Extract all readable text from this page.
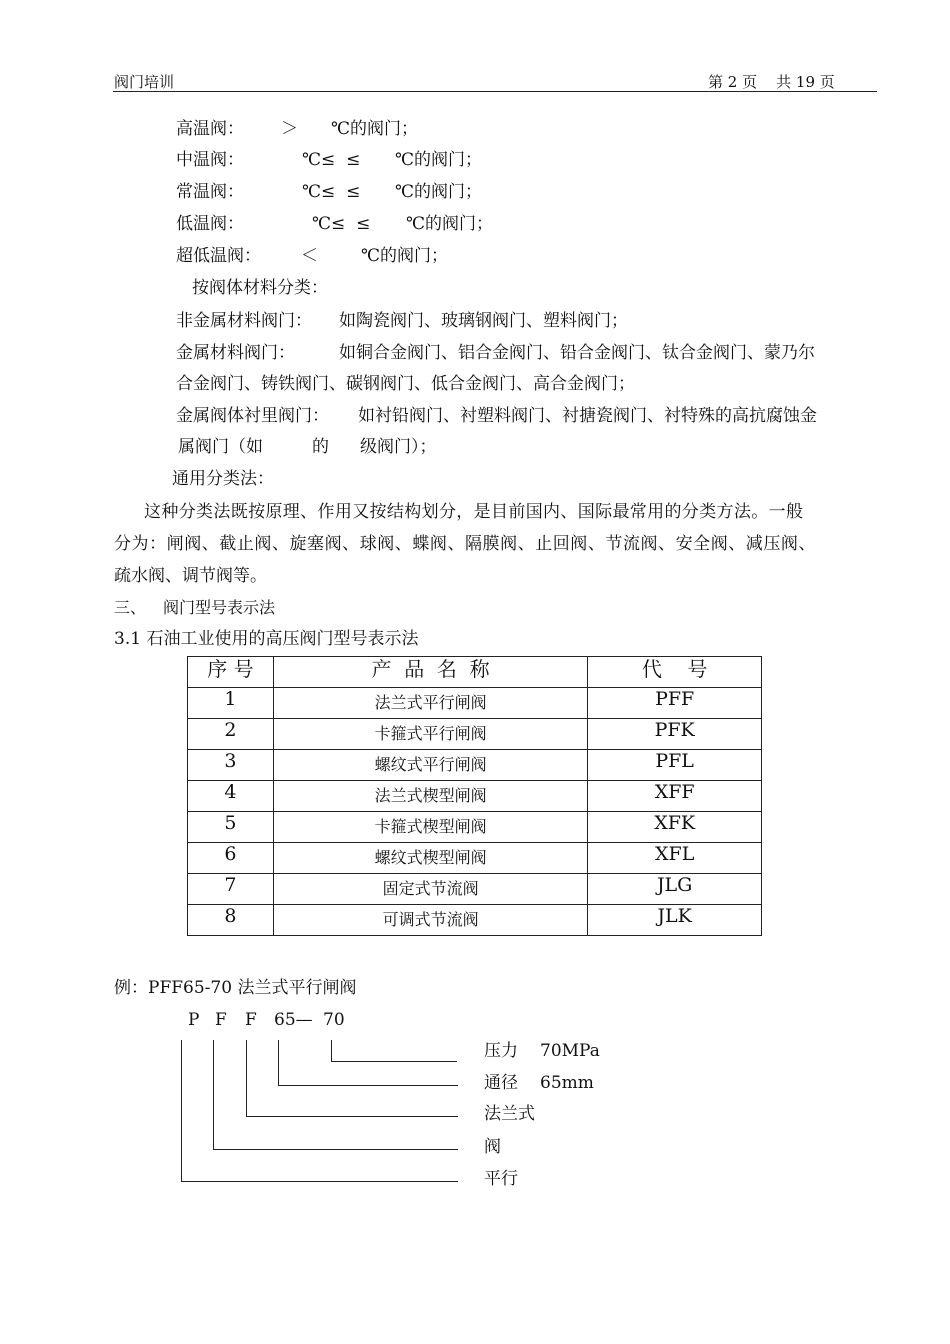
阀门培训	第 2 页    共 19 页
高温阀： ＞ ℃的阀门；
中温阀：	℃≤  ≤ ℃的阀门；
常温阀：	℃≤  ≤ ℃的阀门；
低温阀：	℃≤  ≤ ℃的阀门；
超低温阀： ＜	℃的阀门；
按阀体材料分类：
非金属材料阀门： 如陶瓷阀门、玻璃钢阀门、塑料阀门；
金属材料阀门：	如铜合金阀门、铝合金阀门、铅合金阀门、钛合金阀门、蒙乃尔
合金阀门、铸铁阀门、碳钢阀门、低合金阀门、高合金阀门；
金属阀体衬里阀门： 如衬铅阀门、衬塑料阀门、衬搪瓷阀门、衬特殊的高抗腐蚀金
属阀门（如	的 级阀门）；
通用分类法：
这种分类法既按原理、作用又按结构划分，是目前国内、国际最常用的分类方法。一般
分为：闸阀、截止阀、旋塞阀、球阀、蝶阀、隔膜阀、止回阀、节流阀、安全阀、减压阀、
疏水阀、调节阀等。
三、 阀门型号表示法
3.1 石油工业使用的高压阀门型号表示法
序 号	产  品  名  称	代    号
1	法兰式平行闸阀	PFF
2	卡箍式平行闸阀	PFK
3	螺纹式平行闸阀	PFL
4	法兰式楔型闸阀	XFF
5	卡箍式楔型闸阀	XFK
6	螺纹式楔型闸阀	XFL
7	固定式节流阀	JLG
8	可调式节流阀	JLK
例：PFF65-70 法兰式平行闸阀
P F F 65— 70
压力 70MPa
通径 65mm
法兰式
阀
平行
